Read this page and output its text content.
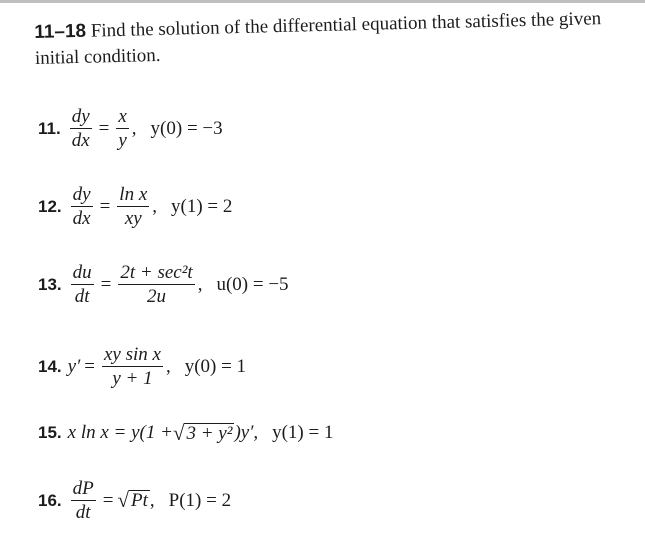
11–18 Find the solution of the differential equation that satisfies the given initial condition.
11. $\frac{dy}{dx} = \frac{x}{y}$ , y(0) = −3
12. $\frac{dy}{dx} = \frac{\text{ln x}}{xy}$ , y(1) = 2
13. $\frac{du}{dt} = \frac{\text{2t + sec²t}}{2u}$ , u(0) = −5
14. $y' = \frac{\text{xy sin x}}{y + 1}$ , y(0) = 1
15. x ln x = y(1 + √ 3 + y² )y′, y(1) = 1
16. $\frac{dP}{dt}$ = √ Pt , P(1) = 2
